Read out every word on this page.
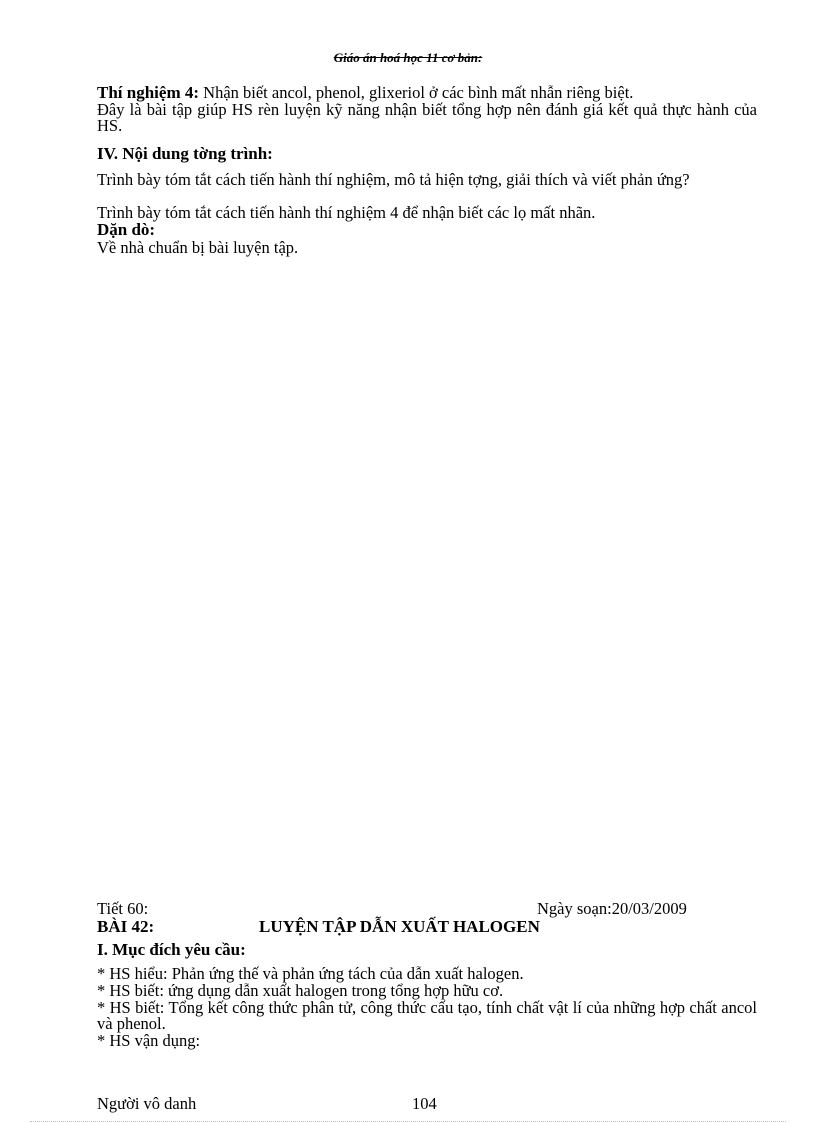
Giáo án hoá học 11 cơ bản:
Thí nghiệm 4: Nhận biết ancol, phenol, glixeriol ở các bình mất nhẫn riêng biệt.
Đây là bài tập giúp HS rèn luyện kỹ năng nhận biết tổng hợp nên đánh giá kết quả thực hành của HS.
IV. Nội dung tờng trình:
Trình bày tóm tắt cách tiến hành thí nghiệm, mô tả hiện tợng, giải thích và viết phản ứng?
Trình bày tóm tắt cách tiến hành thí nghiệm 4 để nhận biết các lọ mất nhãn.
Dặn dò:
Về nhà chuẩn bị bài luyện tập.
Tiết 60:	Ngày soạn:20/03/2009
BÀI 42:	LUYỆN TẬP DẪN XUẤT HALOGEN
I. Mục đích yêu cầu:
* HS hiểu: Phản ứng thế và phản ứng tách của dẫn xuất halogen.
* HS biết: ứng dụng dẫn xuất halogen trong tổng hợp hữu cơ.
* HS biết: Tổng kết công thức phân tử, công thức cấu tạo, tính chất vật lí của những hợp chất ancol và phenol.
* HS vận dụng:
Người vô danh	104
